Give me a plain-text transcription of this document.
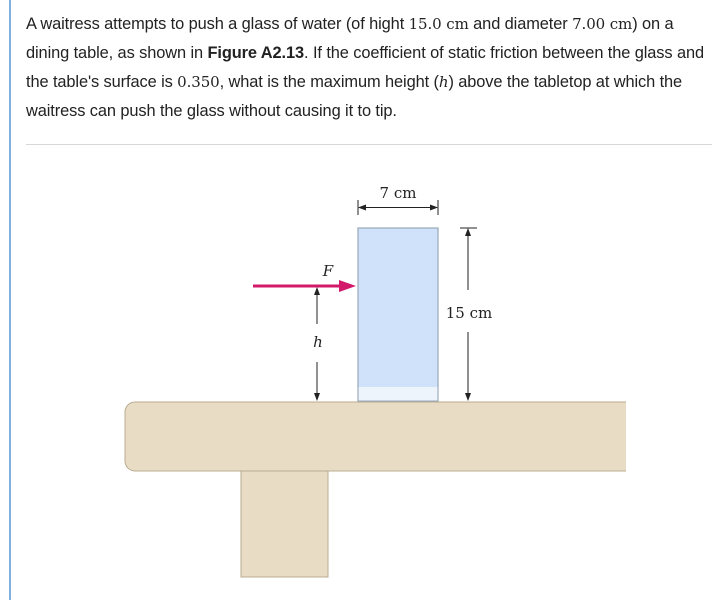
A waitress attempts to push a glass of water (of hight 15.0 cm and diameter 7.00 cm) on a dining table, as shown in Figure A2.13. If the coefficient of static friction between the glass and the table's surface is 0.350, what is the maximum height (h) above the tabletop at which the waitress can push the glass without causing it to tip.
7 cm
15 cm
F
h
